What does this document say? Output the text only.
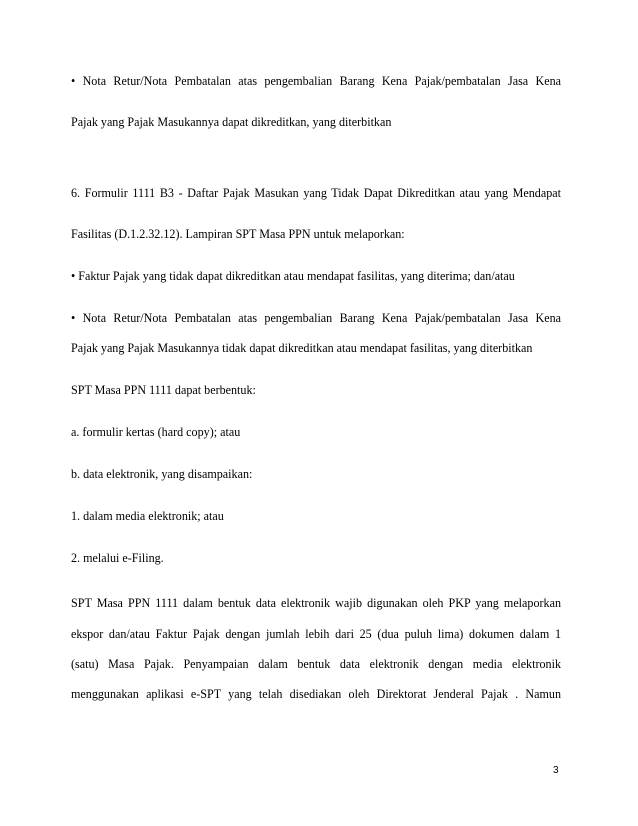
• Nota Retur/Nota Pembatalan atas pengembalian Barang Kena Pajak/pembatalan Jasa Kena
Pajak yang Pajak Masukannya dapat dikreditkan, yang diterbitkan
6. Formulir 1111 B3 - Daftar Pajak Masukan yang Tidak Dapat Dikreditkan atau yang Mendapat
Fasilitas (D.1.2.32.12). Lampiran SPT Masa PPN untuk melaporkan:
• Faktur Pajak yang tidak dapat dikreditkan atau mendapat fasilitas, yang diterima; dan/atau
• Nota Retur/Nota Pembatalan atas pengembalian Barang Kena Pajak/pembatalan Jasa Kena
Pajak yang Pajak Masukannya tidak dapat dikreditkan atau mendapat fasilitas, yang diterbitkan
SPT Masa PPN 1111 dapat berbentuk:
a. formulir kertas (hard copy); atau
b. data elektronik, yang disampaikan:
1. dalam media elektronik; atau
2. melalui e-Filing.
SPT Masa PPN 1111 dalam bentuk data elektronik wajib digunakan oleh PKP yang melaporkan
ekspor dan/atau Faktur Pajak dengan jumlah lebih dari 25 (dua puluh lima) dokumen dalam 1
(satu) Masa Pajak. Penyampaian dalam bentuk data elektronik dengan media elektronik
menggunakan aplikasi e-SPT yang telah disediakan oleh Direktorat Jenderal Pajak . Namun
3
